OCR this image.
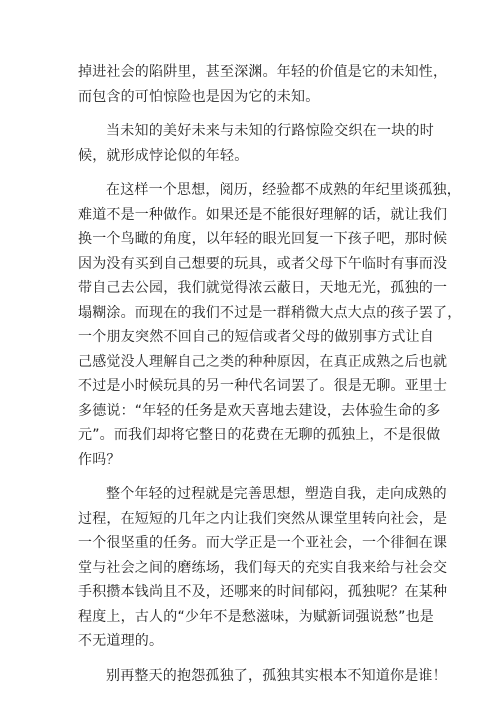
掉进社会的陷阱里，甚至深渊。年轻的价值是它的未知性，
而包含的可怕惊险也是因为它的未知。
当未知的美好未来与未知的行路惊险交织在一块的时
候，就形成悖论似的年轻。
在这样一个思想，阅历，经验都不成熟的年纪里谈孤独，
难道不是一种做作。如果还是不能很好理解的话，就让我们
换一个鸟瞰的角度，以年轻的眼光回复一下孩子吧，那时候
因为没有买到自己想要的玩具，或者父母下午临时有事而没
带自己去公园，我们就觉得浓云蔽日，天地无光，孤独的一
塌糊涂。而现在的我们不过是一群稍微大点大点的孩子罢了，
一个朋友突然不回自己的短信或者父母的做别事方式让自
己感觉没人理解自己之类的种种原因，在真正成熟之后也就
不过是小时候玩具的另一种代名词罢了。很是无聊。亚里士
多德说：“年轻的任务是欢天喜地去建设，去体验生命的多
元”。而我们却将它整日的花费在无聊的孤独上，不是很做
作吗？
整个年轻的过程就是完善思想，塑造自我，走向成熟的
过程，在短短的几年之内让我们突然从课堂里转向社会，是
一个很坚重的任务。而大学正是一个亚社会，一个徘徊在课
堂与社会之间的磨练场，我们每天的充实自我来给与社会交
手积攒本钱尚且不及，还哪来的时间郁闷，孤独呢？在某种
程度上，古人的“少年不是愁滋味，为赋新词强说愁”也是
不无道理的。
别再整天的抱怨孤独了，孤独其实根本不知道你是谁！
